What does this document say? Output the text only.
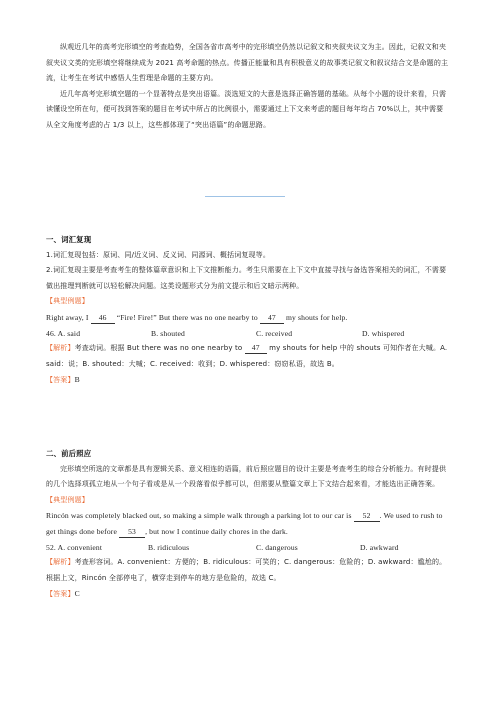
纵观近几年的高考完形填空的考查趋势，全国各省市高考中的完形填空仍然以记叙文和夹叙夹议文为主。因此，记叙文和夹叙夹议文类的完形填空将继续成为 2021 高考命题的热点。传播正能量和具有积极意义的故事类记叙文和叙议结合文是命题的主流，让考生在考试中感悟人生哲理是命题的主要方向。

近几年高考完形填空题的一个显著特点是突出语篇。淡选短文的大意是选择正确答题的基础。从每个小题的设计来看，只需读懂设空所在句，便可找到答案的题目在考试中所占的比例很小，需要通过上下文来考虑的题目每年均占 70%以上，其中需要从全文角度考虑的占 1/3 以上，这些都体现了“突出语篇”的命题思路。

一、词汇复现

1.词汇复现包括：原词、同/近义词、反义词、同源词、概括词复现等。

2.词汇复现主要是考查考生的整体篇章意识和上下文推断能力。考生只需要在上下文中直接寻找与备选答案相关的词汇，不需要做出推理判断就可以轻松解决问题。这类设题形式分为前文提示和后文暗示两种。

【典型例题】

Right away, I 46 “Fire! Fire!” But there was no one nearby to 47 my shouts for help.

46. A. said	B. shouted	C. received	D. whispered

【解析】考查动词。根据 But there was no one nearby to 47 my shouts for help 中的 shouts 可知作者在大喊。A. said：说；B. shouted：大喊；C. received：收到；D. whispered：窃窃私语，故选 B。

【答案】B

二、前后照应

完形填空所选的文章都是具有逻辑关系、意义相连的语篇，前后照应题目的设计主要是考查考生的综合分析能力。有时提供的几个选择项孤立地从一个句子看或是从一个段落看似乎都可以，但需要从整篇文章上下文结合起来看，才能选出正确答案。

【典型例题】

Rincón was completely blacked out, so making a simple walk through a parking lot to our car is 52 . We used to rush to get things done before 53 , but now I continue daily chores in the dark.

52. A. convenient	B. ridiculous	C. dangerous	D. awkward

【解析】考查形容词。A. convenient：方便的；B. ridiculous：可笑的；C. dangerous：危险的；D. awkward：尴尬的。根据上文，Rincón 全部停电了，横穿走到停车的地方是危险的，故选 C。

【答案】C
